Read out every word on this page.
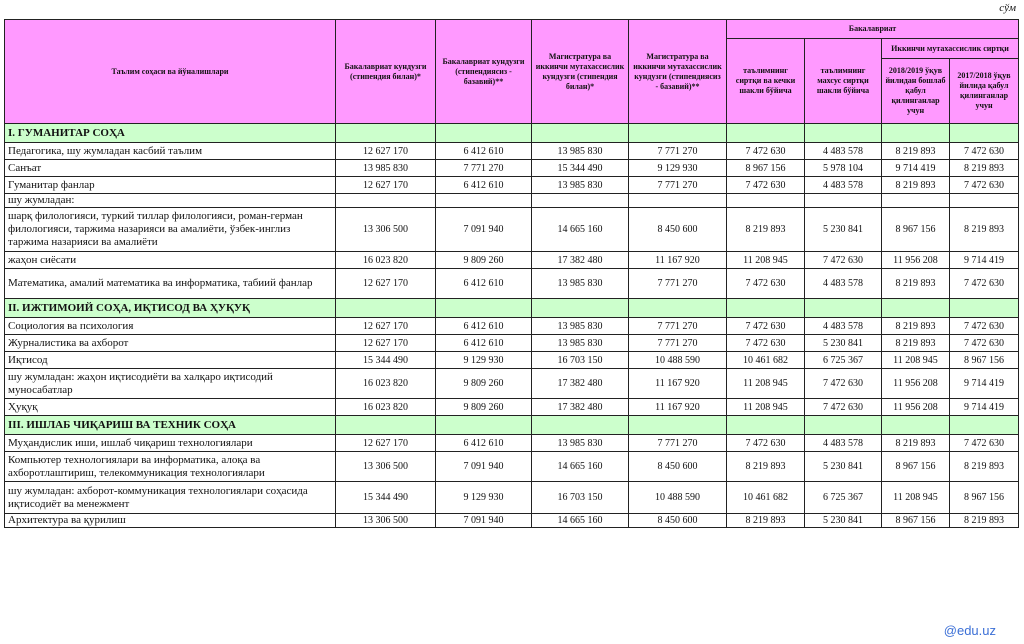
сўм
Таълим соҳаси ва йўналишлари	Бакалавриат кундузги (стипендия билан)*	Бакалавриат кундузги (стипендиясиз - базавий)**	Магистратура ва иккинчи мутахассислик кундузги (стипендия билан)*	Магистратура ва иккинчи мутахассислик кундузги (стипендиясиз - базавий)**	Бакалавриат			
					таълимнинг сиртқи ва кечки шакли бўйича	таълимнинг махсус сиртқи шакли бўйича	Иккинчи мутахассислик сиртқи	
							2018/2019 ўқув йилидан бошлаб қабул қилинганлар учун	2017/2018 ўқув йилида қабул қилинганлар учун
I. ГУМАНИТАР СОҲА								
Педагогика, шу жумладан касбий таълим	12 627 170	6 412 610	13 985 830	7 771 270	7 472 630	4 483 578	8 219 893	7 472 630
Санъат	13 985 830	7 771 270	15 344 490	9 129 930	8 967 156	5 978 104	9 714 419	8 219 893
Гуманитар фанлар	12 627 170	6 412 610	13 985 830	7 771 270	7 472 630	4 483 578	8 219 893	7 472 630
шу жумладан:								
шарқ филологияси, туркий тиллар филологияси, роман-герман филологияси, таржима назарияси ва амалиёти, ўзбек-инглиз таржима назарияси ва амалиёти	13 306 500	7 091 940	14 665 160	8 450 600	8 219 893	5 230 841	8 967 156	8 219 893
жаҳон сиёсати	16 023 820	9 809 260	17 382 480	11 167 920	11 208 945	7 472 630	11 956 208	9 714 419
Математика, амалий математика ва информатика, табиий фанлар	12 627 170	6 412 610	13 985 830	7 771 270	7 472 630	4 483 578	8 219 893	7 472 630
II. ИЖТИМОИЙ СОҲА, ИҚТИСОД ВА ҲУҚУҚ								
Социология ва психология	12 627 170	6 412 610	13 985 830	7 771 270	7 472 630	4 483 578	8 219 893	7 472 630
Журналистика ва ахборот	12 627 170	6 412 610	13 985 830	7 771 270	7 472 630	5 230 841	8 219 893	7 472 630
Иқтисод	15 344 490	9 129 930	16 703 150	10 488 590	10 461 682	6 725 367	11 208 945	8 967 156
шу жумладан: жаҳон иқтисодиёти ва халқаро иқтисодий муносабатлар	16 023 820	9 809 260	17 382 480	11 167 920	11 208 945	7 472 630	11 956 208	9 714 419
Ҳуқуқ	16 023 820	9 809 260	17 382 480	11 167 920	11 208 945	7 472 630	11 956 208	9 714 419
III. ИШЛАБ ЧИҚАРИШ ВА ТЕХНИК СОҲА								
Муҳандислик иши, ишлаб чиқариш технологиялари	12 627 170	6 412 610	13 985 830	7 771 270	7 472 630	4 483 578	8 219 893	7 472 630
Компьютер технологиялари ва информатика, алоқа ва ахборотлаштириш, телекоммуникация технологиялари	13 306 500	7 091 940	14 665 160	8 450 600	8 219 893	5 230 841	8 967 156	8 219 893
шу жумладан: ахборот-коммуникация технологиялари соҳасида иқтисодиёт ва менежмент	15 344 490	9 129 930	16 703 150	10 488 590	10 461 682	6 725 367	11 208 945	8 967 156
Архитектура ва қурилиш	13 306 500	7 091 940	14 665 160	8 450 600	8 219 893	5 230 841	8 967 156	8 219 893
@edu.uz
